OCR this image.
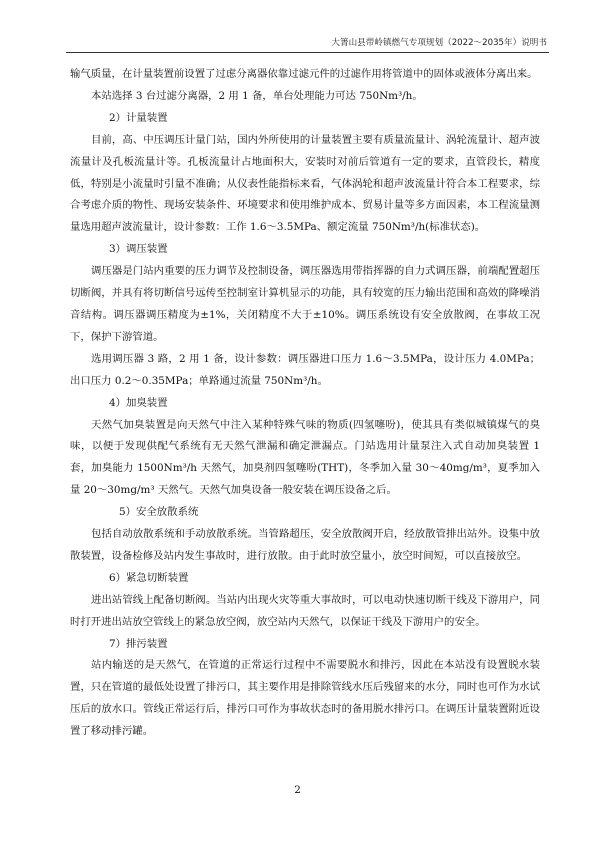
大箐山县带岭镇燃气专项规划（2022～2035年）说明书

输气质量，在计量装置前设置了过虑分离器依靠过滤元件的过滤作用将管道中的固体或液体分离出来。

本站选择 3 台过滤分离器，2 用 1 备，单台处理能力可达 750Nm³/h。

2）计量装置

目前，高、中压调压计量门站，国内外所使用的计量装置主要有质量流量计、涡轮流量计、超声波流量计及孔板流量计等。孔板流量计占地面积大，安装时对前后管道有一定的要求，直管段长，精度低，特别是小流量时引量不准确；从仪表性能指标来看，气体涡轮和超声波流量计符合本工程要求，综合考虑介质的物性、现场安装条件、环境要求和使用维护成本、贸易计量等多方面因素，本工程流量测量选用超声波流量计，设计参数：工作 1.6～3.5MPa、额定流量 750Nm³/h(标准状态)。

3）调压装置

调压器是门站内重要的压力调节及控制设备，调压器选用带指挥器的自力式调压器，前端配置超压切断阀，并具有将切断信号远传至控制室计算机显示的功能，具有较宽的压力输出范围和高效的降噪消音结构。调压器调压精度为±1%，关闭精度不大于±10%。调压系统设有安全放散阀，在事故工况下，保护下游管道。

选用调压器 3 路，2 用 1 备，设计参数：调压器进口压力 1.6～3.5MPa，设计压力 4.0MPa；出口压力 0.2～0.35MPa；单路通过流量 750Nm³/h。

4）加臭装置

天然气加臭装置是向天然气中注入某种特殊气味的物质(四氢噻吩)，使其具有类似城镇煤气的臭味，以便于发现供配气系统有无天然气泄漏和确定泄漏点。门站选用计量泵注入式自动加臭装置 1 套，加臭能力 1500Nm³/h 天然气，加臭剂四氢噻吩(THT)，冬季加入量 30～40mg/m³，夏季加入量 20～30mg/m³ 天然气。天然气加臭设备一般安装在调压设备之后。

5）安全放散系统

包括自动放散系统和手动放散系统。当管路超压，安全放散阀开启，经放散管排出站外。设集中放散装置，设备检修及站内发生事故时，进行放散。由于此时放空量小，放空时间短，可以直接放空。

6）紧急切断装置

进出站管线上配备切断阀。当站内出现火灾等重大事故时，可以电动快速切断干线及下游用户，同时打开进出站放空管线上的紧急放空阀，放空站内天然气，以保证干线及下游用户的安全。

7）排污装置

站内输送的是天然气，在管道的正常运行过程中不需要脱水和排污，因此在本站没有设置脱水装置，只在管道的最低处设置了排污口，其主要作用是排除管线水压后残留来的水分，同时也可作为水试压后的放水口。管线正常运行后，排污口可作为事故状态时的备用脱水排污口。在调压计量装置附近设置了移动排污罐。

2
